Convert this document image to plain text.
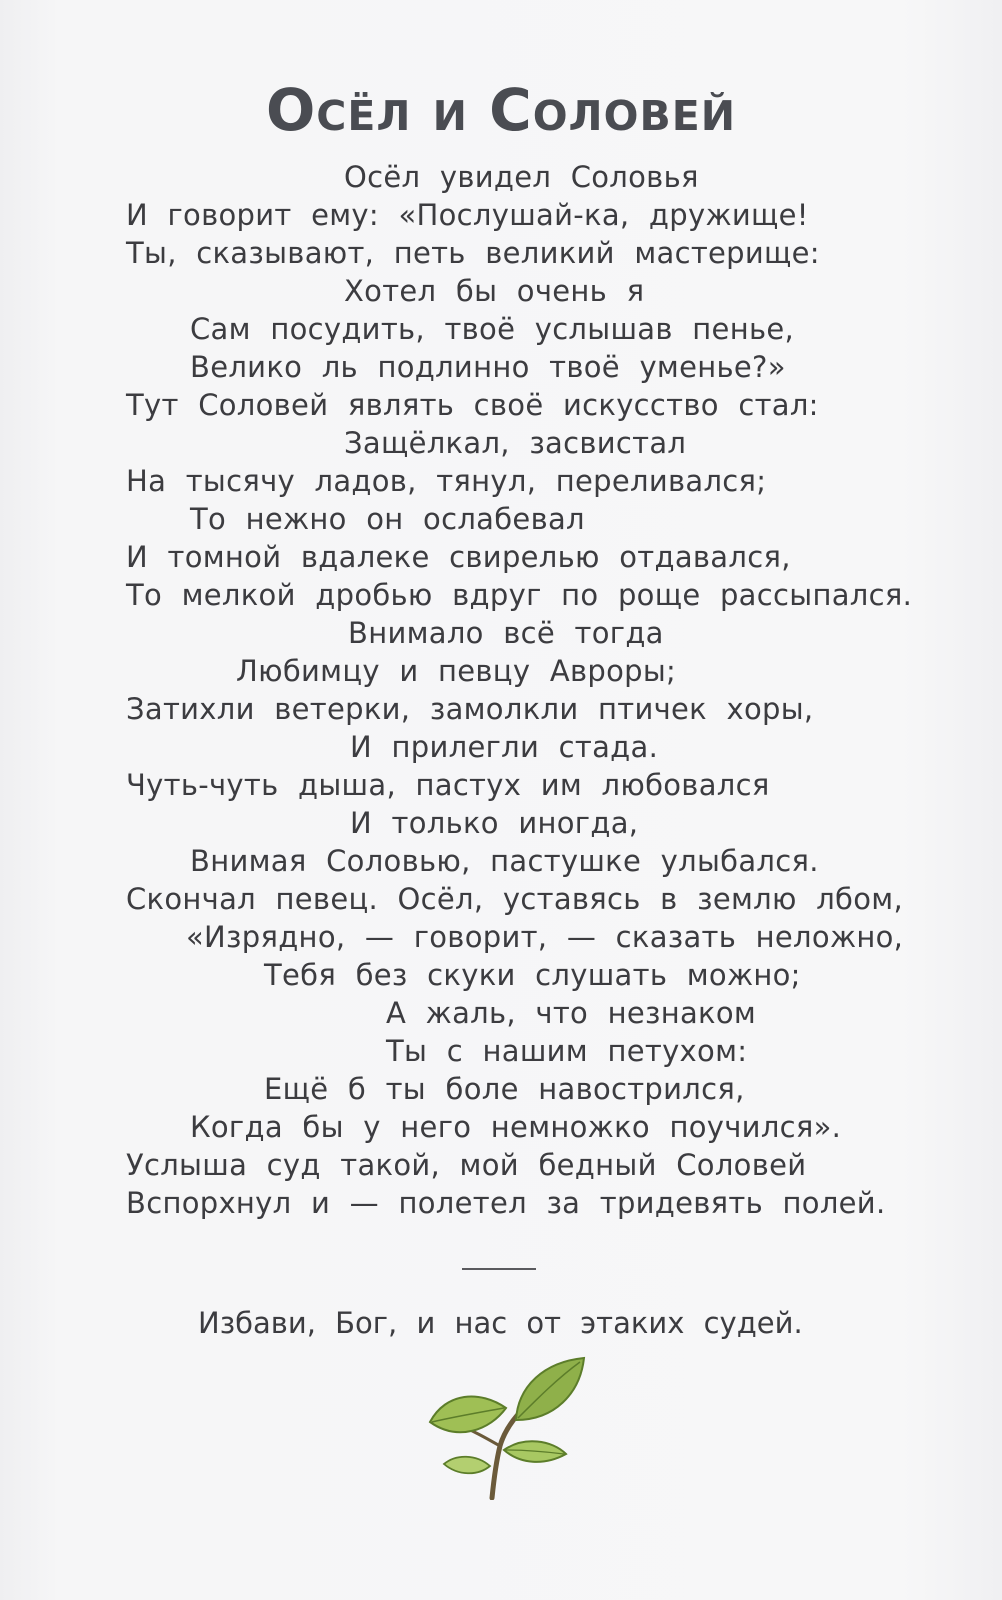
Осёл и Соловей
Осёл увидел Соловья
И говорит ему: «Послушай-ка, дружище!
Ты, сказывают, петь великий мастерище:
Хотел бы очень я
Сам посудить, твоё услышав пенье,
Велико ль подлинно твоё уменье?»
Тут Соловей являть своё искусство стал:
Защёлкал, засвистал
На тысячу ладов, тянул, переливался;
То нежно он ослабевал
И томной вдалеке свирелью отдавался,
То мелкой дробью вдруг по роще рассыпался.
Внимало всё тогда
Любимцу и певцу Авроры;
Затихли ветерки, замолкли птичек хоры,
И прилегли стада.
Чуть-чуть дыша, пастух им любовался
И только иногда,
Внимая Соловью, пастушке улыбался.
Скончал певец. Осёл, уставясь в землю лбом,
«Изрядно, — говорит, — сказать неложно,
Тебя без скуки слушать можно;
А жаль, что незнаком
Ты с нашим петухом:
Ещё б ты боле навострился,
Когда бы у него немножко поучился».
Услыша суд такой, мой бедный Соловей
Вспорхнул и — полетел за тридевять полей.
Избави, Бог, и нас от этаких судей.
